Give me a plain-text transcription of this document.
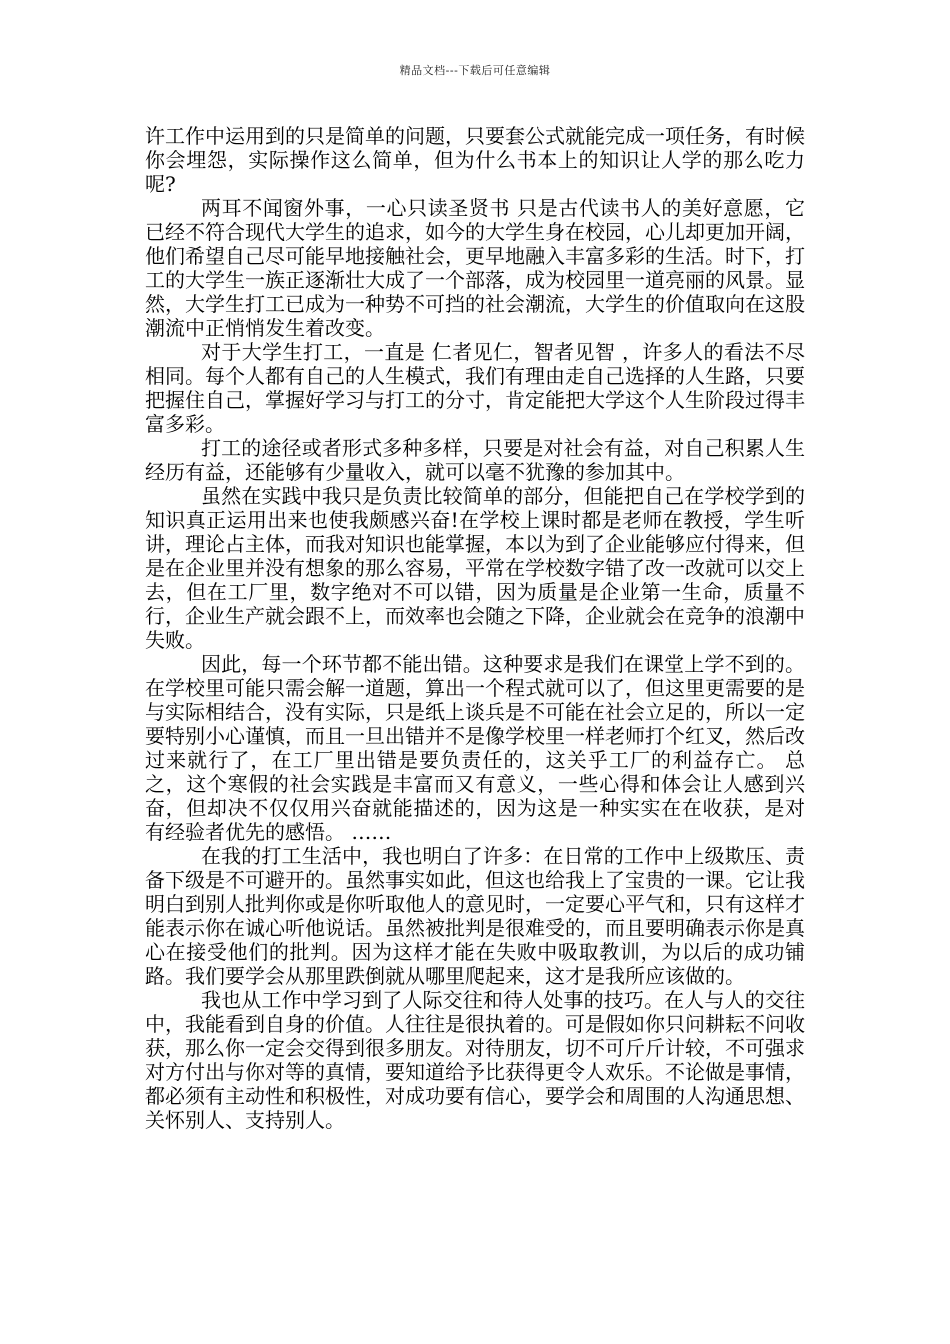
精品文档---下载后可任意编辑

许工作中运用到的只是简单的问题，只要套公式就能完成一项任务，有时候你会埋怨，实际操作这么简单，但为什么书本上的知识让人学的那么吃力呢?

两耳不闻窗外事，一心只读圣贤书 只是古代读书人的美好意愿，它已经不符合现代大学生的追求，如今的大学生身在校园，心儿却更加开阔，他们希望自己尽可能早地接触社会，更早地融入丰富多彩的生活。时下，打工的大学生一族正逐渐壮大成了一个部落，成为校园里一道亮丽的风景。显然，大学生打工已成为一种势不可挡的社会潮流，大学生的价值取向在这股潮流中正悄悄发生着改变。

对于大学生打工，一直是 仁者见仁，智者见智 ，许多人的看法不尽相同。每个人都有自己的人生模式，我们有理由走自己选择的人生路，只要把握住自己，掌握好学习与打工的分寸，肯定能把大学这个人生阶段过得丰富多彩。

打工的途径或者形式多种多样，只要是对社会有益，对自己积累人生经历有益，还能够有少量收入，就可以毫不犹豫的参加其中。

虽然在实践中我只是负责比较简单的部分，但能把自己在学校学到的知识真正运用出来也使我颇感兴奋!在学校上课时都是老师在教授，学生听讲，理论占主体，而我对知识也能掌握，本以为到了企业能够应付得来，但是在企业里并没有想象的那么容易，平常在学校数字错了改一改就可以交上去，但在工厂里，数字绝对不可以错，因为质量是企业第一生命，质量不行，企业生产就会跟不上，而效率也会随之下降，企业就会在竞争的浪潮中失败。

因此，每一个环节都不能出错。这种要求是我们在课堂上学不到的。在学校里可能只需会解一道题，算出一个程式就可以了，但这里更需要的是与实际相结合，没有实际，只是纸上谈兵是不可能在社会立足的，所以一定要特别小心谨慎，而且一旦出错并不是像学校里一样老师打个红叉，然后改过来就行了，在工厂里出错是要负责任的，这关乎工厂的利益存亡。 总之，这个寒假的社会实践是丰富而又有意义，一些心得和体会让人感到兴奋，但却决不仅仅用兴奋就能描述的，因为这是一种实实在在收获，是对 有经验者优先的感悟。 ……

在我的打工生活中，我也明白了许多：在日常的工作中上级欺压、责备下级是不可避开的。虽然事实如此，但这也给我上了宝贵的一课。它让我明白到别人批判你或是你听取他人的意见时，一定要心平气和，只有这样才能表示你在诚心听他说话。虽然被批判是很难受的，而且要明确表示你是真心在接受他们的批判。因为这样才能在失败中吸取教训，为以后的成功铺路。我们要学会从那里跌倒就从哪里爬起来，这才是我所应该做的。

我也从工作中学习到了人际交往和待人处事的技巧。在人与人的交往中，我能看到自身的价值。人往往是很执着的。可是假如你只问耕耘不问收获，那么你一定会交得到很多朋友。对待朋友，切不可斤斤计较，不可强求对方付出与你对等的真情，要知道给予比获得更令人欢乐。不论做是事情，都必须有主动性和积极性，对成功要有信心，要学会和周围的人沟通思想、关怀别人、支持别人。
